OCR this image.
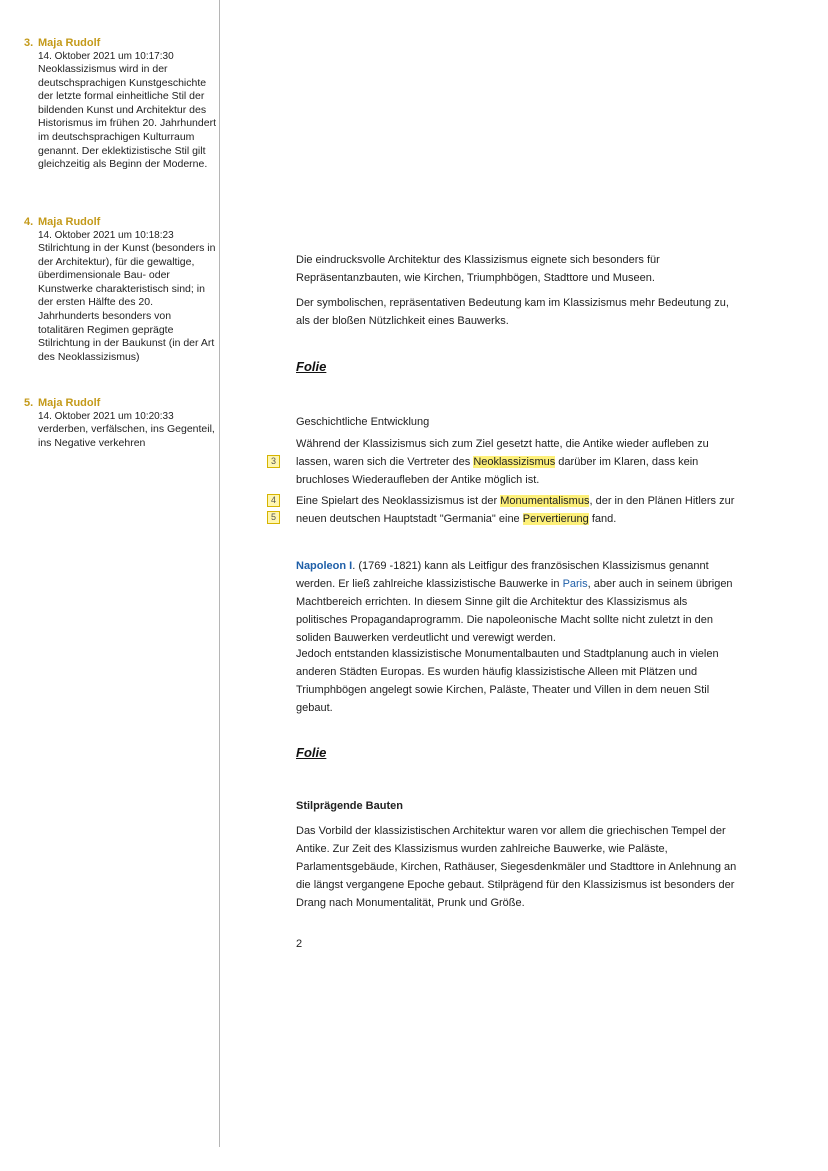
3. Maja Rudolf
14. Oktober 2021 um 10:17:30
Neoklassizismus wird in der deutschsprachigen Kunstgeschichte der letzte formal einheitliche Stil der bildenden Kunst und Architektur des Historismus im frühen 20. Jahrhundert im deutschsprachigen Kulturraum genannt. Der eklektizistische Stil gilt gleichzeitig als Beginn der Moderne.
4. Maja Rudolf
14. Oktober 2021 um 10:18:23
Stilrichtung in der Kunst (besonders in der Architektur), für die gewaltige, überdimensionale Bau- oder Kunstwerke charakteristisch sind; in der ersten Hälfte des 20. Jahrhunderts besonders von totalitären Regimen geprägte Stilrichtung in der Baukunst (in der Art des Neoklassizismus)
5. Maja Rudolf
14. Oktober 2021 um 10:20:33
verderben, verfälschen, ins Gegenteil, ins Negative verkehren

Die eindrucksvolle Architektur des Klassizismus eignete sich besonders für Repräsentanzbauten, wie Kirchen, Triumphbögen, Stadttore und Museen.

Der symbolischen, repräsentativen Bedeutung kam im Klassizismus mehr Bedeutung zu, als der bloßen Nützlichkeit eines Bauwerks.

Folie

Geschichtliche Entwicklung

3

Während der Klassizismus sich zum Ziel gesetzt hatte, die Antike wieder aufleben zu lassen, waren sich die Vertreter des Neoklassizismus darüber im Klaren, dass kein bruchloses Wiederaufleben der Antike möglich ist.

4
5

Eine Spielart des Neoklassizismus ist der Monumentalismus, der in den Plänen Hitlers zur neuen deutschen Hauptstadt "Germania" eine Pervertierung fand.

Napoleon I. (1769 -1821) kann als Leitfigur des französischen Klassizismus genannt werden. Er ließ zahlreiche klassizistische Bauwerke in Paris, aber auch in seinem übrigen Machtbereich errichten. In diesem Sinne gilt die Architektur des Klassizismus als politisches Propagandaprogramm. Die napoleonische Macht sollte nicht zuletzt in den soliden Bauwerken verdeutlicht und verewigt werden.

Jedoch entstanden klassizistische Monumentalbauten und Stadtplanung auch in vielen anderen Städten Europas. Es wurden häufig klassizistische Alleen mit Plätzen und Triumphbögen angelegt sowie Kirchen, Paläste, Theater und Villen in dem neuen Stil gebaut.

Folie

Stilprägende Bauten

Das Vorbild der klassizistischen Architektur waren vor allem die griechischen Tempel der Antike. Zur Zeit des Klassizismus wurden zahlreiche Bauwerke, wie Paläste, Parlamentsgebäude, Kirchen, Rathäuser, Siegesdenkmäler und Stadttore in Anlehnung an die längst vergangene Epoche gebaut. Stilprägend für den Klassizismus ist besonders der Drang nach Monumentalität, Prunk und Größe.

2
